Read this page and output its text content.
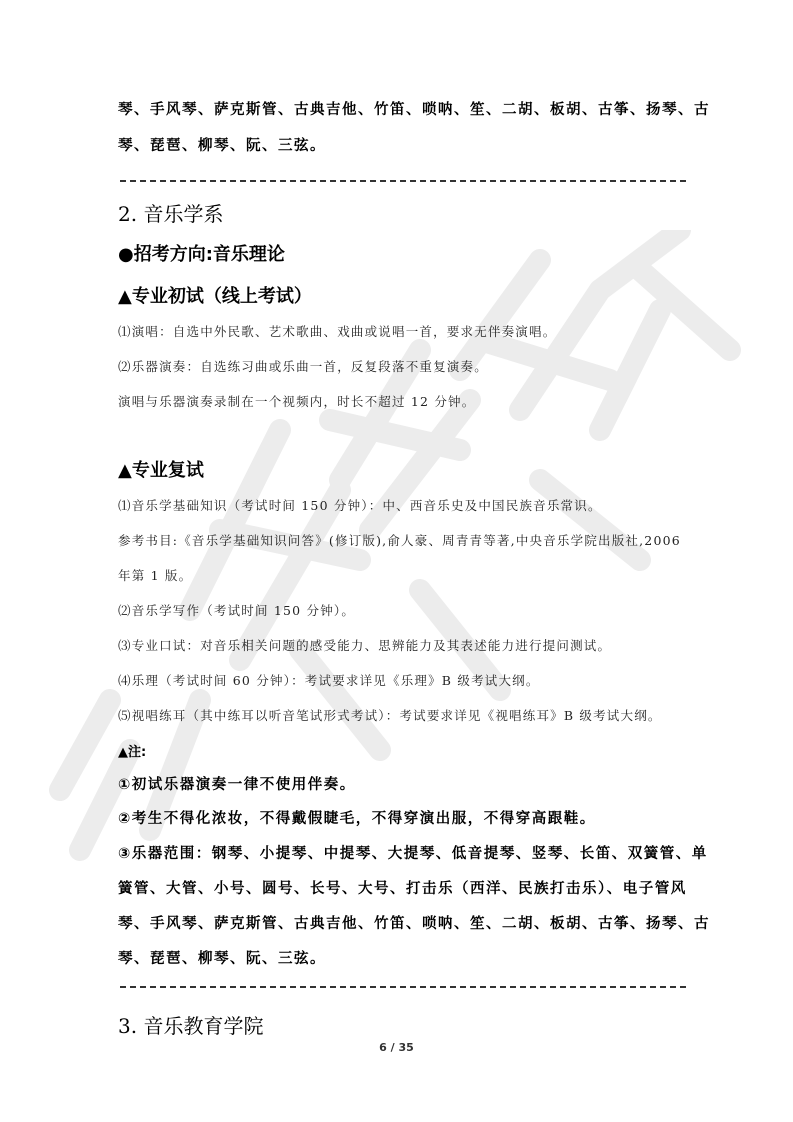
琴、手风琴、萨克斯管、古典吉他、竹笛、唢呐、笙、二胡、板胡、古筝、扬琴、古
琴、琵琶、柳琴、阮、三弦。
2. 音乐学系
●招考方向:音乐理论
▲专业初试（线上考试）
⑴演唱：自选中外民歌、艺术歌曲、戏曲或说唱一首，要求无伴奏演唱。
⑵乐器演奏：自选练习曲或乐曲一首，反复段落不重复演奏。
演唱与乐器演奏录制在一个视频内，时长不超过 12 分钟。
▲专业复试
⑴音乐学基础知识（考试时间 150 分钟）：中、西音乐史及中国民族音乐常识。
参考书目:《音乐学基础知识问答》(修订版),俞人豪、周青青等著,中央音乐学院出版社,2006
年第 1 版。
⑵音乐学写作（考试时间 150 分钟）。
⑶专业口试：对音乐相关问题的感受能力、思辨能力及其表述能力进行提问测试。
⑷乐理（考试时间 60 分钟）：考试要求详见《乐理》B 级考试大纲。
⑸视唱练耳（其中练耳以听音笔试形式考试）：考试要求详见《视唱练耳》B 级考试大纲。
▲注:
①初试乐器演奏一律不使用伴奏。
②考生不得化浓妆，不得戴假睫毛，不得穿演出服，不得穿高跟鞋。
③乐器范围：钢琴、小提琴、中提琴、大提琴、低音提琴、竖琴、长笛、双簧管、单
簧管、大管、小号、圆号、长号、大号、打击乐（西洋、民族打击乐）、电子管风
琴、手风琴、萨克斯管、古典吉他、竹笛、唢呐、笙、二胡、板胡、古筝、扬琴、古
琴、琵琶、柳琴、阮、三弦。
3. 音乐教育学院
6 / 35
